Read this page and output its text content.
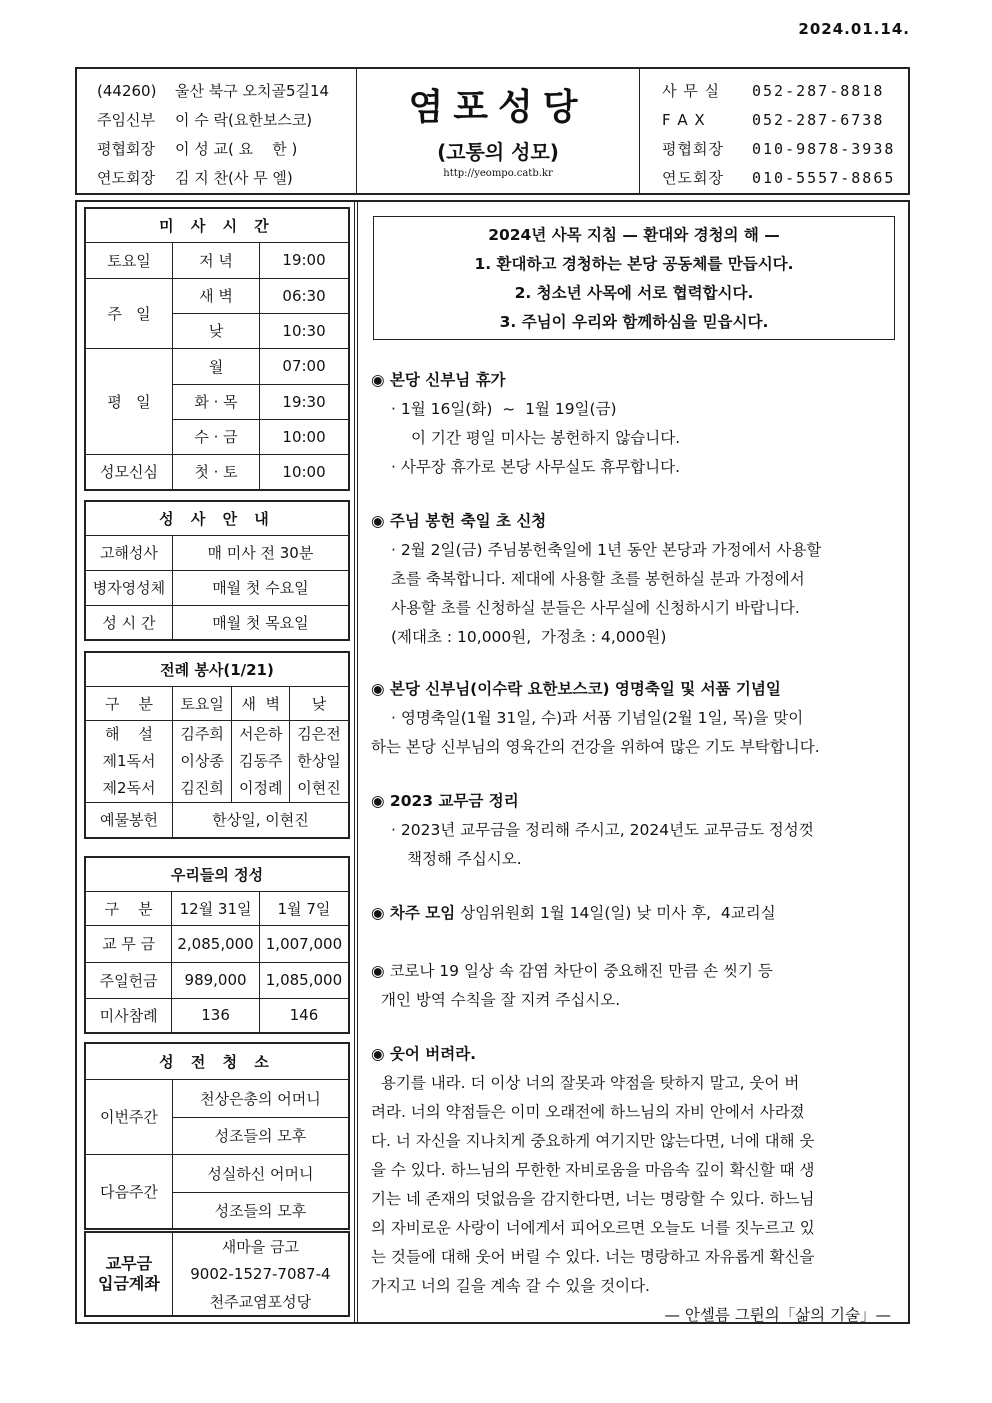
2024.01.14.
(44260) 울산 북구 오치골5길14
주임신부 이 수 락(요한보스코)
평협회장 이 성 교( 요    한 )
연도회장 김 지 찬(사 무 엘)
염포성당
(고통의 성모)
http://yeompo.catb.kr
사 무 실 052-287-8818
F A X	052-287-6738
평협회장 010-9878-3938
연도회장 010-5557-8865
미 사 시 간		
토요일	저 녁	19:00
주   일	새 벽	06:30
	낮	10:30
평   일	월	07:00
	화 · 목	19:30
	수 · 금	10:00
성모신심	첫 · 토	10:00
성 사 안 내	
고해성사	매 미사 전 30분
병자영성체	매월 첫 수요일
성 시 간	매월 첫 목요일
전례 봉사(1/21)			
구    분	토요일	새  벽	낮
해    설	김주희	서은하	김은전
제1독서	이상종	김동주	한상일
제2독서	김진희	이정례	이현진
예물봉헌	한상일, 이현진		
우리들의 정성		
구    분	12월 31일	1월 7일
교 무 금	2,085,000	1,007,000
주일헌금	989,000	1,085,000
미사참례	136	146
성 전 청 소	
이번주간	천상은총의 어머니
	성조들의 모후
다음주간	성실하신 어머니
	성조들의 모후
교무금
입금계좌
	새마을 금고
9002-1527-7087-4
천주교염포성당
2024년 사목 지침 — 환대와 경청의 해 —
1. 환대하고 경청하는 본당 공동체를 만듭시다.
2. 청소년 사목에 서로 협력합시다.
3. 주님이 우리와 함께하심을 믿읍시다.

◉ 본당 신부님 휴가

· 1월 16일(화)  ~  1월 19일(금)

이 기간 평일 미사는 봉헌하지 않습니다.

· 사무장 휴가로 본당 사무실도 휴무합니다.

◉ 주님 봉헌 축일 초 신청

· 2월 2일(금) 주님봉헌축일에 1년 동안 본당과 가정에서 사용할

초를 축복합니다. 제대에 사용할 초를 봉헌하실 분과 가정에서

사용할 초를 신청하실 분들은 사무실에 신청하시기 바랍니다.

(제대초 : 10,000원,  가정초 : 4,000원)

◉ 본당 신부님(이수락 요한보스코) 영명축일 및 서품 기념일

· 영명축일(1월 31일, 수)과 서품 기념일(2월 1일, 목)을 맞이

하는 본당 신부님의 영육간의 건강을 위하여 많은 기도 부탁합니다.

◉ 2023 교무금 정리

· 2023년 교무금을 정리해 주시고, 2024년도 교무금도 정성껏

책정해 주십시오.

◉ 차주 모임 상임위원회 1월 14일(일) 낮 미사 후,  4교리실

◉ 코로나 19 일상 속 감염 차단이 중요해진 만큼 손 씻기 등

개인 방역 수칙을 잘 지켜 주십시오.

◉ 웃어 버려라.

용기를 내라. 더 이상 너의 잘못과 약점을 탓하지 말고, 웃어 버

려라. 너의 약점들은 이미 오래전에 하느님의 자비 안에서 사라졌

다. 너 자신을 지나치게 중요하게 여기지만 않는다면, 너에 대해 웃

을 수 있다. 하느님의 무한한 자비로움을 마음속 깊이 확신할 때 생

기는 네 존재의 덧없음을 감지한다면, 너는 명랑할 수 있다. 하느님

의 자비로운 사랑이 너에게서 피어오르면 오늘도 너를 짓누르고 있

는 것들에 대해 웃어 버릴 수 있다. 너는 명랑하고 자유롭게 확신을

가지고 너의 길을 계속 갈 수 있을 것이다.

— 안셀름 그륀의「삶의 기술」—
